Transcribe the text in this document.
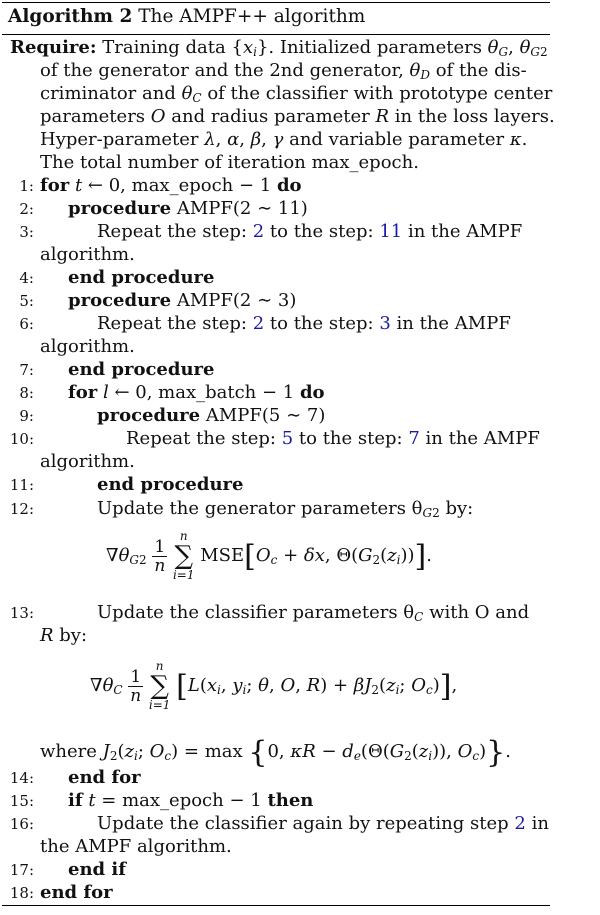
Algorithm 2 The AMPF++ algorithm
Require: Training data $\{x_i\}$. Initialized parameters $\theta_G$, $\theta_{G2}$
of the generator and the 2nd generator, $\theta_D$ of the dis-
criminator and $\theta_C$ of the classifier with prototype center
parameters O and radius parameter R in the loss layers.
Hyper-parameter λ, α, β, γ and variable parameter κ.
The total number of iteration max_epoch.
1: for t ← 0, max_epoch − 1 do
2: procedure AMPF(2 ∼ 11)
3:	Repeat the step: 2 to the step: 11 in the AMPF
algorithm.
4: end procedure
5: procedure AMPF(2 ∼ 3)
6:	Repeat the step: 2 to the step: 3 in the AMPF
algorithm.
7: end procedure
8: for l ← 0, max_batch − 1 do
9:	procedure AMPF(5 ∼ 7)
10:	Repeat the step: 5 to the step: 7 in the AMPF
algorithm.
11:	end procedure
12:	Update the generator parameters $\theta_{G2}$ by:
$\nabla\theta_{G2} \frac{1}{n}$

n
∑
i=1
$MSE[O_c + \delta x$, $\Theta(G_2(z_i))$].
13:	Update the classifier parameters $\theta_C$ with O and
R by:
$\nabla\theta_C \frac{1}{n}$

n
∑
i=1
[$L(x_i$, $y_i$; θ, O, $R) + \beta J_2(z_i$; $O_c$)],
where $J_2(z_i$; $O_c) = \max \{0$, $\kappa R - d_e(\Theta(G_2(z_i))$, $O_c$)}.
14: end for
15: if t = max_epoch − 1 then
16:	Update the classifier again by repeating step 2 in
the AMPF algorithm.
17: end if
18: end for
